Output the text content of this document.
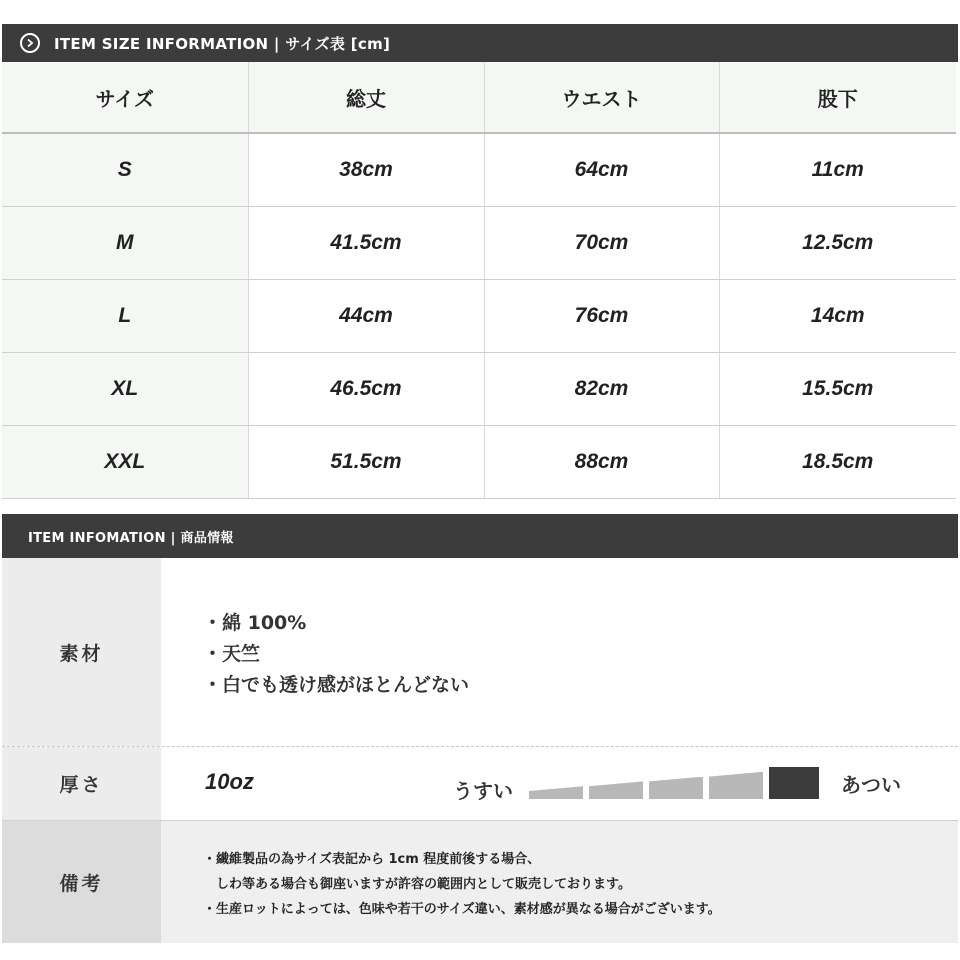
ITEM SIZE INFORMATION | サイズ表 [cm]
サイズ	総丈	ウエスト	股下
S	38cm	64cm	11cm
M	41.5cm	70cm	12.5cm
L	44cm	76cm	14cm
XL	46.5cm	82cm	15.5cm
XXL	51.5cm	88cm	18.5cm
ITEM INFOMATION | 商品情報
素材
・綿 100%
・天竺
・白でも透け感がほとんどない
厚さ	10oz	うすい	あつい
備考
・繊維製品の為サイズ表記から 1cm 程度前後する場合、
　しわ等ある場合も御座いますが許容の範囲内として販売しております。
・生産ロットによっては、色味や若干のサイズ違い、素材感が異なる場合がございます。
